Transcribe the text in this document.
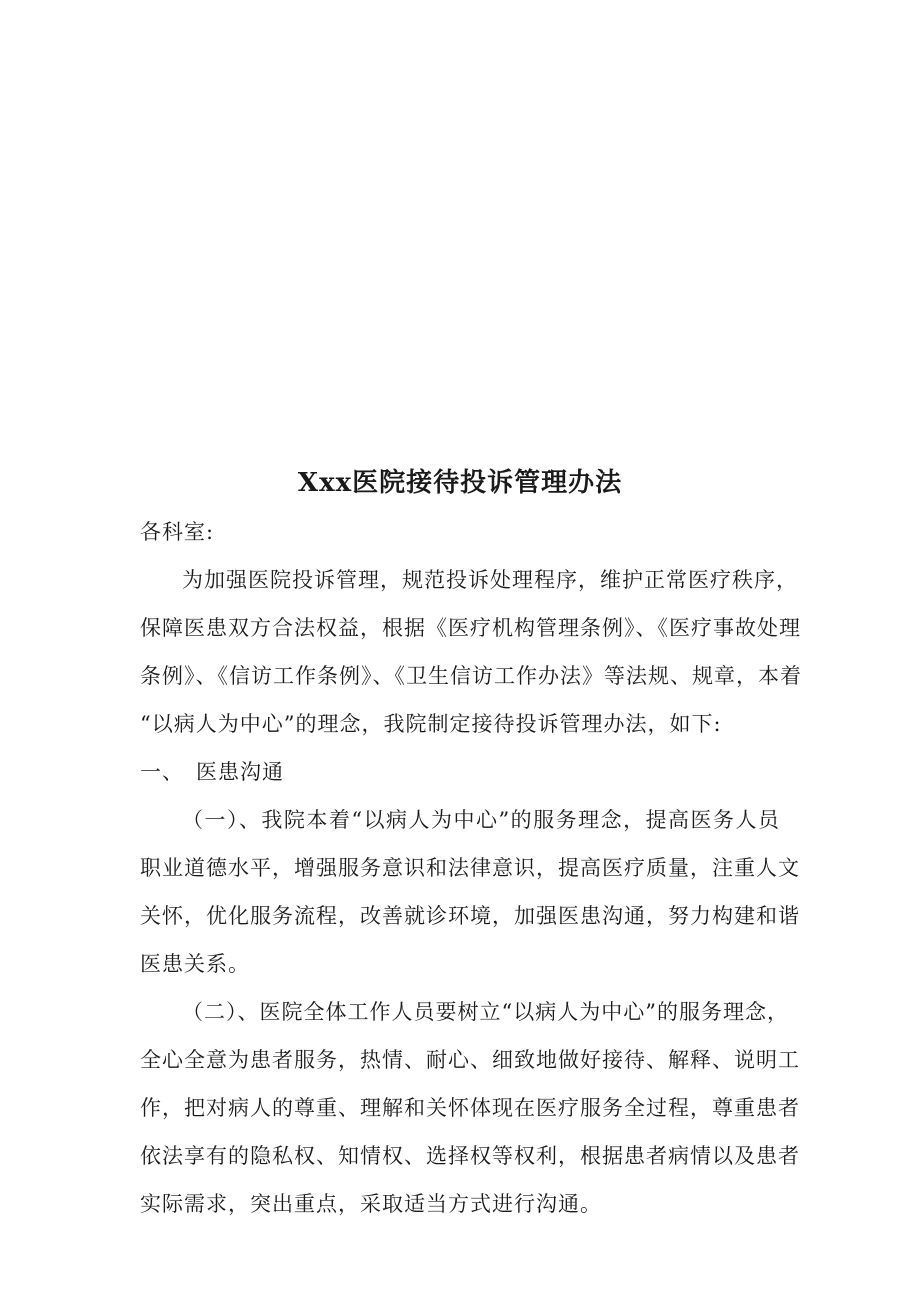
Xxx医院接待投诉管理办法
各科室:
为加强医院投诉管理，规范投诉处理程序，维护正常医疗秩序，
保障医患双方合法权益，根据《医疗机构管理条例》、《医疗事故处理
条例》、《信访工作条例》、《卫生信访工作办法》等法规、规章，本着
“以病人为中心”的理念，我院制定接待投诉管理办法，如下:
一、 医患沟通
（一）、我院本着“以病人为中心”的服务理念，提高医务人员
职业道德水平，增强服务意识和法律意识，提高医疗质量，注重人文
关怀，优化服务流程，改善就诊环境，加强医患沟通，努力构建和谐
医患关系。
（二）、医院全体工作人员要树立“以病人为中心”的服务理念，
全心全意为患者服务，热情、耐心、细致地做好接待、解释、说明工
作，把对病人的尊重、理解和关怀体现在医疗服务全过程，尊重患者
依法享有的隐私权、知情权、选择权等权利，根据患者病情以及患者
实际需求，突出重点，采取适当方式进行沟通。
